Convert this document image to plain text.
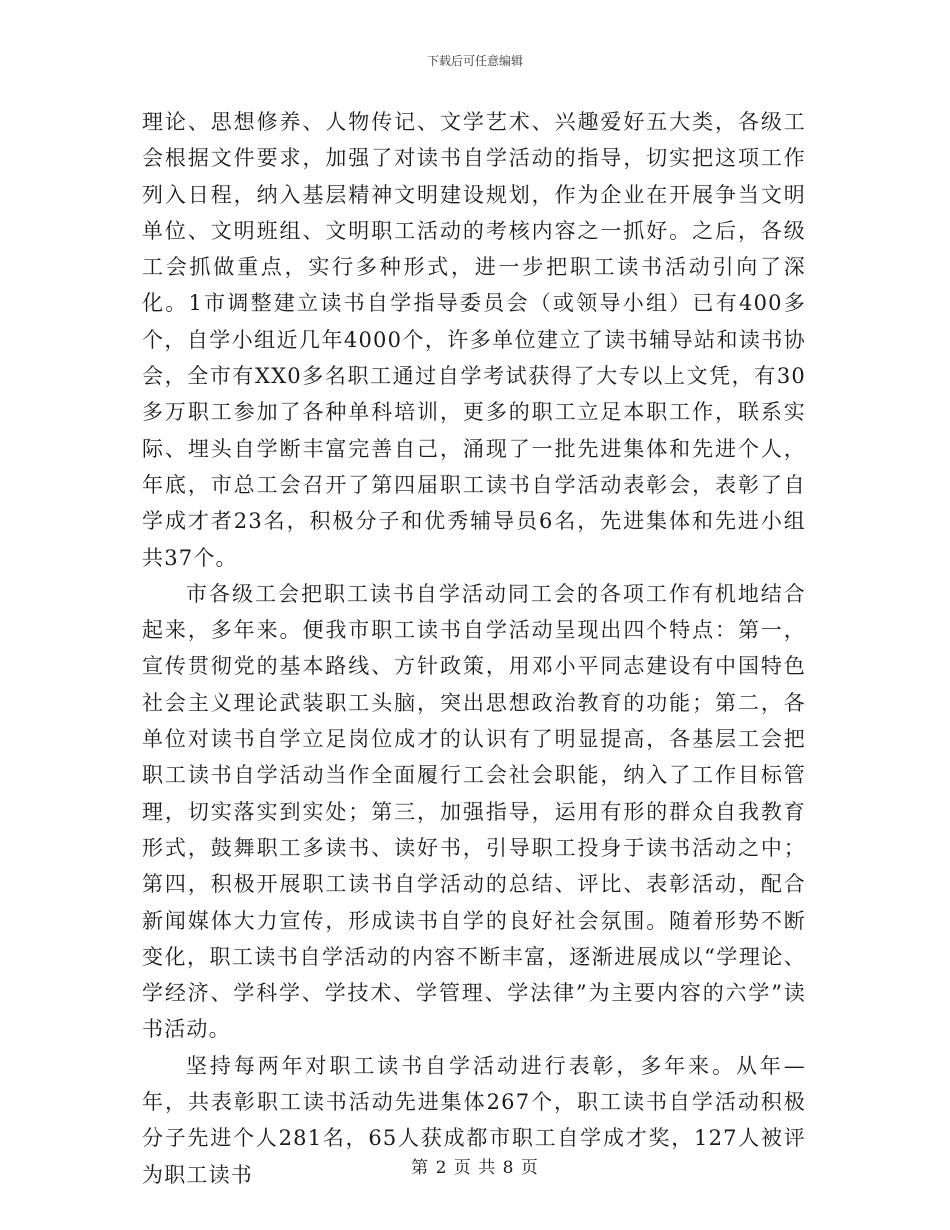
下载后可任意编辑

理论、思想修养、人物传记、文学艺术、兴趣爱好五大类，各级工会根据文件要求，加强了对读书自学活动的指导，切实把这项工作列入日程，纳入基层精神文明建设规划，作为企业在开展争当文明单位、文明班组、文明职工活动的考核内容之一抓好。之后，各级工会抓做重点，实行多种形式，进一步把职工读书活动引向了深化。1市调整建立读书自学指导委员会（或领导小组）已有400多个，自学小组近几年4000个，许多单位建立了读书辅导站和读书协会，全市有XX0多名职工通过自学考试获得了大专以上文凭，有30多万职工参加了各种单科培训，更多的职工立足本职工作，联系实际、埋头自学断丰富完善自己，涌现了一批先进集体和先进个人，年底，市总工会召开了第四届职工读书自学活动表彰会，表彰了自学成才者23名，积极分子和优秀辅导员6名，先进集体和先进小组共37个。

市各级工会把职工读书自学活动同工会的各项工作有机地结合起来，多年来。便我市职工读书自学活动呈现出四个特点：第一，宣传贯彻党的基本路线、方针政策，用邓小平同志建设有中国特色社会主义理论武装职工头脑，突出思想政治教育的功能；第二，各单位对读书自学立足岗位成才的认识有了明显提高，各基层工会把职工读书自学活动当作全面履行工会社会职能，纳入了工作目标管理，切实落实到实处；第三，加强指导，运用有形的群众自我教育形式，鼓舞职工多读书、读好书，引导职工投身于读书活动之中；第四，积极开展职工读书自学活动的总结、评比、表彰活动，配合新闻媒体大力宣传，形成读书自学的良好社会氛围。随着形势不断变化，职工读书自学活动的内容不断丰富，逐渐进展成以“学理论、学经济、学科学、学技术、学管理、学法律”为主要内容的六学”读书活动。

坚持每两年对职工读书自学活动进行表彰，多年来。从年—年，共表彰职工读书活动先进集体267个，职工读书自学活动积极分子先进个人281名，65人获成都市职工自学成才奖，127人被评为职工读书	第 2 页 共 8 页
